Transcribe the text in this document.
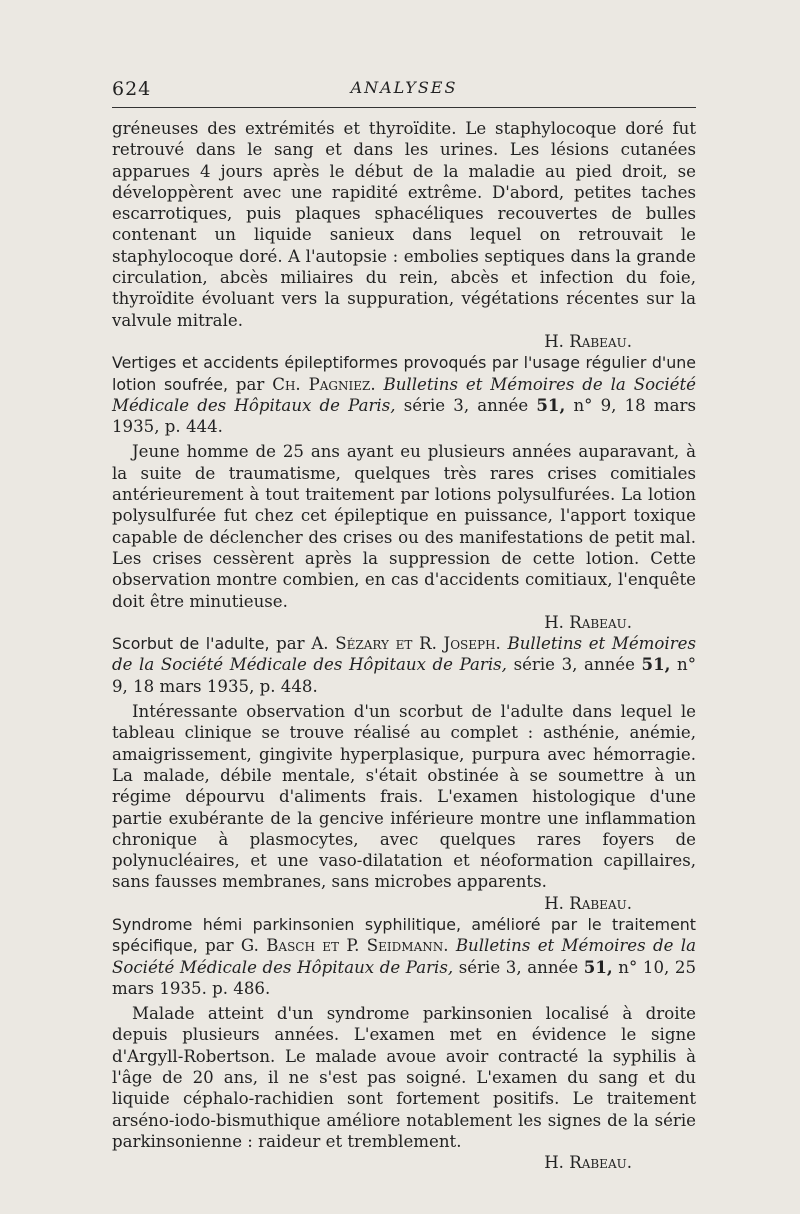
624	ANALYSES

gréneuses des extrémités et thyroïdite. Le staphylocoque doré fut retrouvé dans le sang et dans les urines. Les lésions cutanées apparues 4 jours après le début de la maladie au pied droit, se développèrent avec une rapidité extrême. D'abord, petites taches escarrotiques, puis plaques sphacéliques recouvertes de bulles contenant un liquide sanieux dans lequel on retrouvait le staphylocoque doré. A l'autopsie : embolies septiques dans la grande circulation, abcès miliaires du rein, abcès et infection du foie, thyroïdite évoluant vers la suppuration, végétations récentes sur la valvule mitrale.
H. Rabeau.

Vertiges et accidents épileptiformes provoqués par l'usage régulier d'une lotion soufrée, par Ch. Pagniez. Bulletins et Mémoires de la Société Médicale des Hôpitaux de Paris, série 3, année 51, n° 9, 18 mars 1935, p. 444.

Jeune homme de 25 ans ayant eu plusieurs années auparavant, à la suite de traumatisme, quelques très rares crises comitiales antérieurement à tout traitement par lotions polysulfurées. La lotion polysulfurée fut chez cet épileptique en puissance, l'apport toxique capable de déclencher des crises ou des manifestations de petit mal. Les crises cessèrent après la suppression de cette lotion. Cette observation montre combien, en cas d'accidents comitiaux, l'enquête doit être minutieuse.
H. Rabeau.

Scorbut de l'adulte, par A. Sézary et R. Joseph. Bulletins et Mémoires de la Société Médicale des Hôpitaux de Paris, série 3, année 51, n° 9, 18 mars 1935, p. 448.

Intéressante observation d'un scorbut de l'adulte dans lequel le tableau clinique se trouve réalisé au complet : asthénie, anémie, amaigrissement, gingivite hyperplasique, purpura avec hémorragie. La malade, débile mentale, s'était obstinée à se soumettre à un régime dépourvu d'aliments frais. L'examen histologique d'une partie exubérante de la gencive inférieure montre une inflammation chronique à plasmocytes, avec quelques rares foyers de polynucléaires, et une vaso-dilatation et néoformation capillaires, sans fausses membranes, sans microbes apparents.
H. Rabeau.

Syndrome hémi parkinsonien syphilitique, amélioré par le traitement spécifique, par G. Basch et P. Seidmann. Bulletins et Mémoires de la Société Médicale des Hôpitaux de Paris, série 3, année 51, n° 10, 25 mars 1935. p. 486.

Malade atteint d'un syndrome parkinsonien localisé à droite depuis plusieurs années. L'examen met en évidence le signe d'Argyll-Robertson. Le malade avoue avoir contracté la syphilis à l'âge de 20 ans, il ne s'est pas soigné. L'examen du sang et du liquide céphalo-rachidien sont fortement positifs. Le traitement arséno-iodo-bismuthique améliore notablement les signes de la série parkinsonienne : raideur et tremblement.
H. Rabeau.
